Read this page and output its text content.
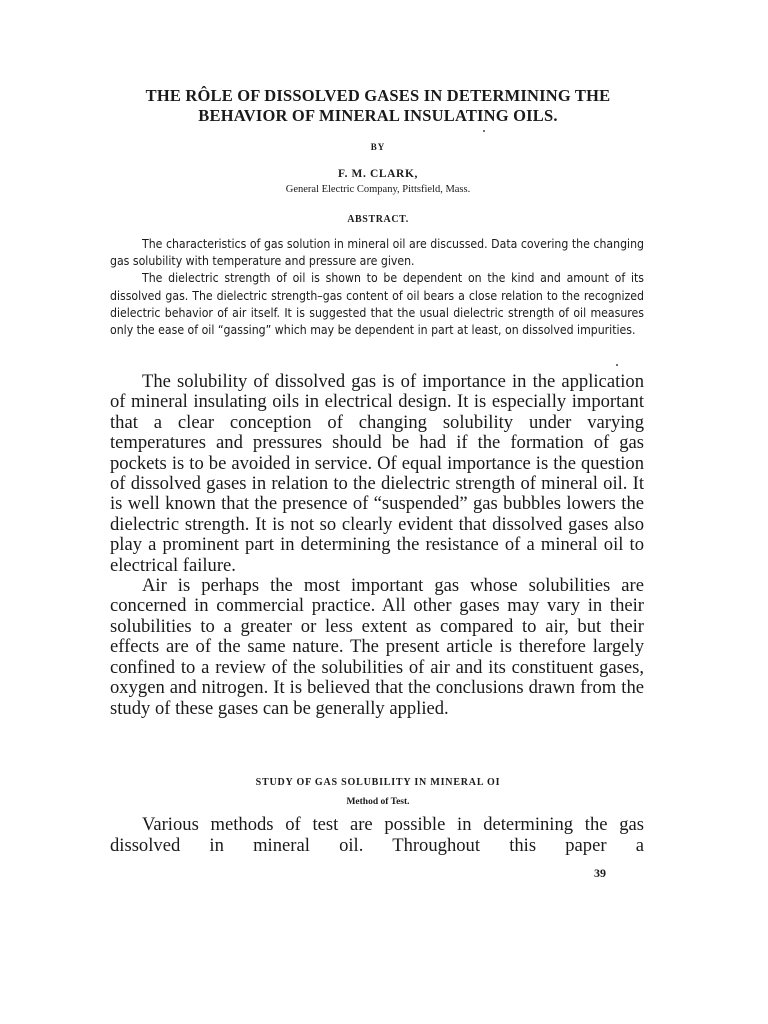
THE RÔLE OF DISSOLVED GASES IN DETERMINING THE
BEHAVIOR OF MINERAL INSULATING OILS.

BY

F. M. CLARK,

General Electric Company, Pittsfield, Mass.

ABSTRACT.

The characteristics of gas solution in mineral oil are discussed. Data covering the changing gas solubility with temperature and pressure are given.

The dielectric strength of oil is shown to be dependent on the kind and amount of its dissolved gas. The dielectric strength–gas content of oil bears a close relation to the recognized dielectric behavior of air itself. It is suggested that the usual dielectric strength of oil measures only the ease of oil “gassing” which may be dependent in part at least, on dissolved impurities.

The solubility of dissolved gas is of importance in the application of mineral insulating oils in electrical design. It is especially important that a clear conception of changing solubility under varying temperatures and pressures should be had if the formation of gas pockets is to be avoided in service. Of equal importance is the question of dissolved gases in relation to the dielectric strength of mineral oil. It is well known that the presence of “suspended” gas bubbles lowers the dielectric strength. It is not so clearly evident that dissolved gases also play a prominent part in determining the resistance of a mineral oil to electrical failure.

Air is perhaps the most important gas whose solubilities are concerned in commercial practice. All other gases may vary in their solubilities to a greater or less extent as compared to air, but their effects are of the same nature. The present article is therefore largely confined to a review of the solubilities of air and its constituent gases, oxygen and nitrogen. It is believed that the conclusions drawn from the study of these gases can be generally applied.

STUDY OF GAS SOLUBILITY IN MINERAL OI

Method of Test.

Various methods of test are possible in determining the gas dissolved in mineral oil. Throughout this paper a

39
